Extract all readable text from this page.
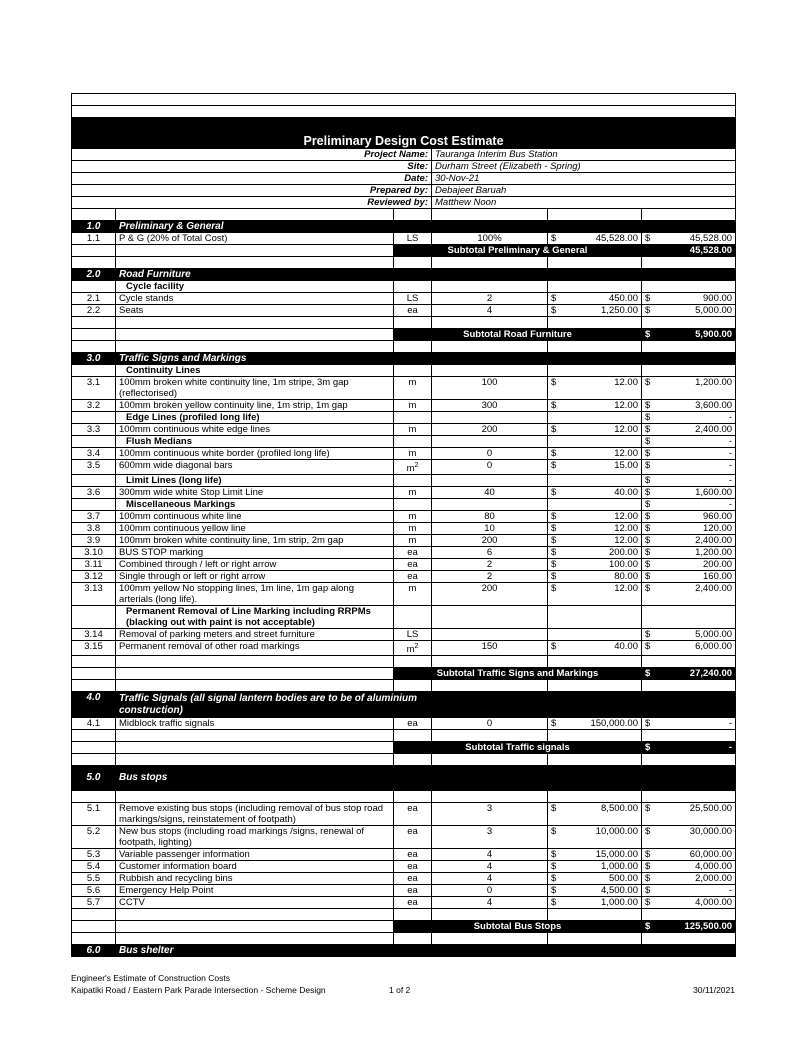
Preliminary Design Cost Estimate					
Project Name:			Tauranga Interim Bus Station		
Site:			Durham Street (Elizabeth - Spring)		
Date:			30-Nov-21		
Prepared by:			Debajeet Baruah		
Reviewed by:			Matthew Noon		

1.0	Preliminary & General				
1.1	P & G (20% of Total Cost)	LS	100%	$ 45,528.00	$ 45,528.00

		Subtotal Preliminary & General			45,528.00

2.0	Road Furniture				
	Cycle facility				
2.1	Cycle stands	LS	2	$ 450.00	$ 900.00

2.2	Seats	ea	4	$ 1,250.00	$ 5,000.00

		Subtotal Road Furniture			$ 5,900.00

3.0	Traffic Signs and Markings				
	Continuity Lines				
3.1	100mm broken white continuity line, 1m stripe, 3m gap (reflectorised)	m	100	$ 12.00	$ 1,200.00

3.2	100mm broken yellow continuity line, 1m strip, 1m gap	m	300	$ 12.00	$ 3,600.00

	Edge Lines (profiled long life)				$ -

3.3	100mm continuous white edge lines	m	200	$ 12.00	$ 2,400.00

	Flush Medians				$ -

3.4	100mm continuous white border (profiled long life)	m	0	$ 12.00	$ -

3.5	600mm wide diagonal bars	$m^2$	0	$ 15.00	$ -

	Limit Lines (long life)				$ -

3.6	300mm wide white Stop Limit Line	m	40	$ 40.00	$ 1,600.00

	Miscellaneous Markings				$ -

3.7	100mm continuous white line	m	80	$ 12.00	$ 960.00

3.8	100mm continuous yellow line	m	10	$ 12.00	$ 120.00

3.9	100mm broken white continuity line, 1m strip, 2m gap	m	200	$ 12.00	$ 2,400.00

3.10	BUS STOP marking	ea	6	$ 200.00	$ 1,200.00

3.11	Combined through / left or right arrow	ea	2	$ 100.00	$ 200.00

3.12	Single through or left or right arrow	ea	2	$ 80.00	$ 160.00

3.13	100mm yellow No stopping lines, 1m line, 1m gap along arterials (long life).	m	200	$ 12.00	$ 2,400.00

	Permanent Removal of Line Marking including RRPMs (blacking out with paint is not acceptable)				
3.14	Removal of parking meters and street furniture	LS			$ 5,000.00

3.15	Permanent removal of other road markings	$m^2$	150	$ 40.00	$ 6,000.00

		Subtotal Traffic Signs and Markings			$ 27,240.00

4.0	Traffic Signals (all signal lantern bodies are to be of aluminium construction)				
4.1	Midblock traffic signals	ea	0	$ 150,000.00	$ -

		Subtotal Traffic signals			$ -

5.0	Bus stops				

5.1	Remove existing bus stops (including removal of bus stop road markings/signs, reinstatement of footpath)	ea	3	$ 8,500.00	$ 25,500.00

5.2	New bus stops (including road markings /signs, renewal of footpath, lighting)	ea	3	$ 10,000.00	$ 30,000.00

5.3	Variable passenger information	ea	4	$ 15,000.00	$ 60,000.00

5.4	Customer information board	ea	4	$ 1,000.00	$ 4,000.00

5.5	Rubbish and recycling bins	ea	4	$ 500.00	$ 2,000.00

5.6	Emergency Help Point	ea	0	$ 4,500.00	$ -

5.7	CCTV	ea	4	$ 1,000.00	$ 4,000.00

		Subtotal Bus Stops			$ 125,500.00

6.0	Bus shelter				
Engineer's Estimate of Construction Costs
Kaipatiki Road / Eastern Park Parade Intersection - Scheme Design	1 of 2	30/11/2021
